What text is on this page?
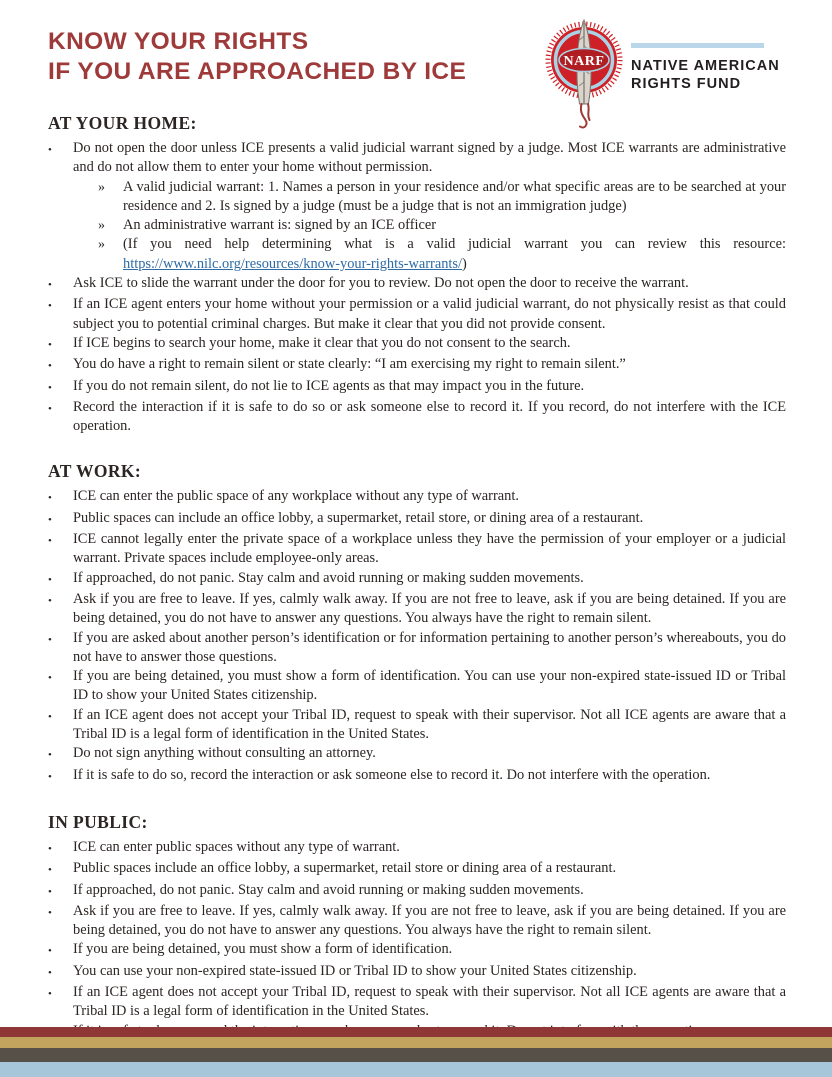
KNOW YOUR RIGHTS
IF YOU ARE APPROACHED BY ICE	NARF NATIVE AMERICAN
RIGHTS FUND
AT YOUR HOME:
•	Do not open the door unless ICE presents a valid judicial warrant signed by a judge. Most ICE warrants are administrative and do not allow them to enter your home without permission.
»	A valid judicial warrant: 1. Names a person in your residence and/or what specific areas are to be searched at your residence and 2. Is signed by a judge (must be a judge that is not an immigration judge)
»	An administrative warrant is: signed by an ICE officer
»	(If you need help determining what is a valid judicial warrant you can review this resource: https://www.nilc.org/resources/know-your-rights-warrants/)
•	Ask ICE to slide the warrant under the door for you to review. Do not open the door to receive the warrant.
•	If an ICE agent enters your home without your permission or a valid judicial warrant, do not physically resist as that could subject you to potential criminal charges. But make it clear that you did not provide consent.
•	If ICE begins to search your home, make it clear that you do not consent to the search.
•	You do have a right to remain silent or state clearly: “I am exercising my right to remain silent.”
•	If you do not remain silent, do not lie to ICE agents as that may impact you in the future.
•	Record the interaction if it is safe to do so or ask someone else to record it. If you record, do not interfere with the ICE operation.
AT WORK:
•	ICE can enter the public space of any workplace without any type of warrant.
•	Public spaces can include an office lobby, a supermarket, retail store, or dining area of a restaurant.
•	ICE cannot legally enter the private space of a workplace unless they have the permission of your employer or a judicial warrant. Private spaces include employee-only areas.
•	If approached, do not panic. Stay calm and avoid running or making sudden movements.
•	Ask if you are free to leave. If yes, calmly walk away. If you are not free to leave, ask if you are being detained. If you are being detained, you do not have to answer any questions. You always have the right to remain silent.
•	If you are asked about another person’s identification or for information pertaining to another person’s whereabouts, you do not have to answer those questions.
•	If you are being detained, you must show a form of identification. You can use your non-expired state-issued ID or Tribal ID to show your United States citizenship.
•	If an ICE agent does not accept your Tribal ID, request to speak with their supervisor. Not all ICE agents are aware that a Tribal ID is a legal form of identification in the United States.
•	Do not sign anything without consulting an attorney.
•	If it is safe to do so, record the interaction or ask someone else to record it. Do not interfere with the operation.
IN PUBLIC:
•	ICE can enter public spaces without any type of warrant.
•	Public spaces include an office lobby, a supermarket, retail store or dining area of a restaurant.
•	If approached, do not panic. Stay calm and avoid running or making sudden movements.
•	Ask if you are free to leave. If yes, calmly walk away. If you are not free to leave, ask if you are being detained. If you are being detained, you do not have to answer any questions. You always have the right to remain silent.
•	If you are being detained, you must show a form of identification.
•	You can use your non-expired state-issued ID or Tribal ID to show your United States citizenship.
•	If an ICE agent does not accept your Tribal ID, request to speak with their supervisor. Not all ICE agents are aware that a Tribal ID is a legal form of identification in the United States.
